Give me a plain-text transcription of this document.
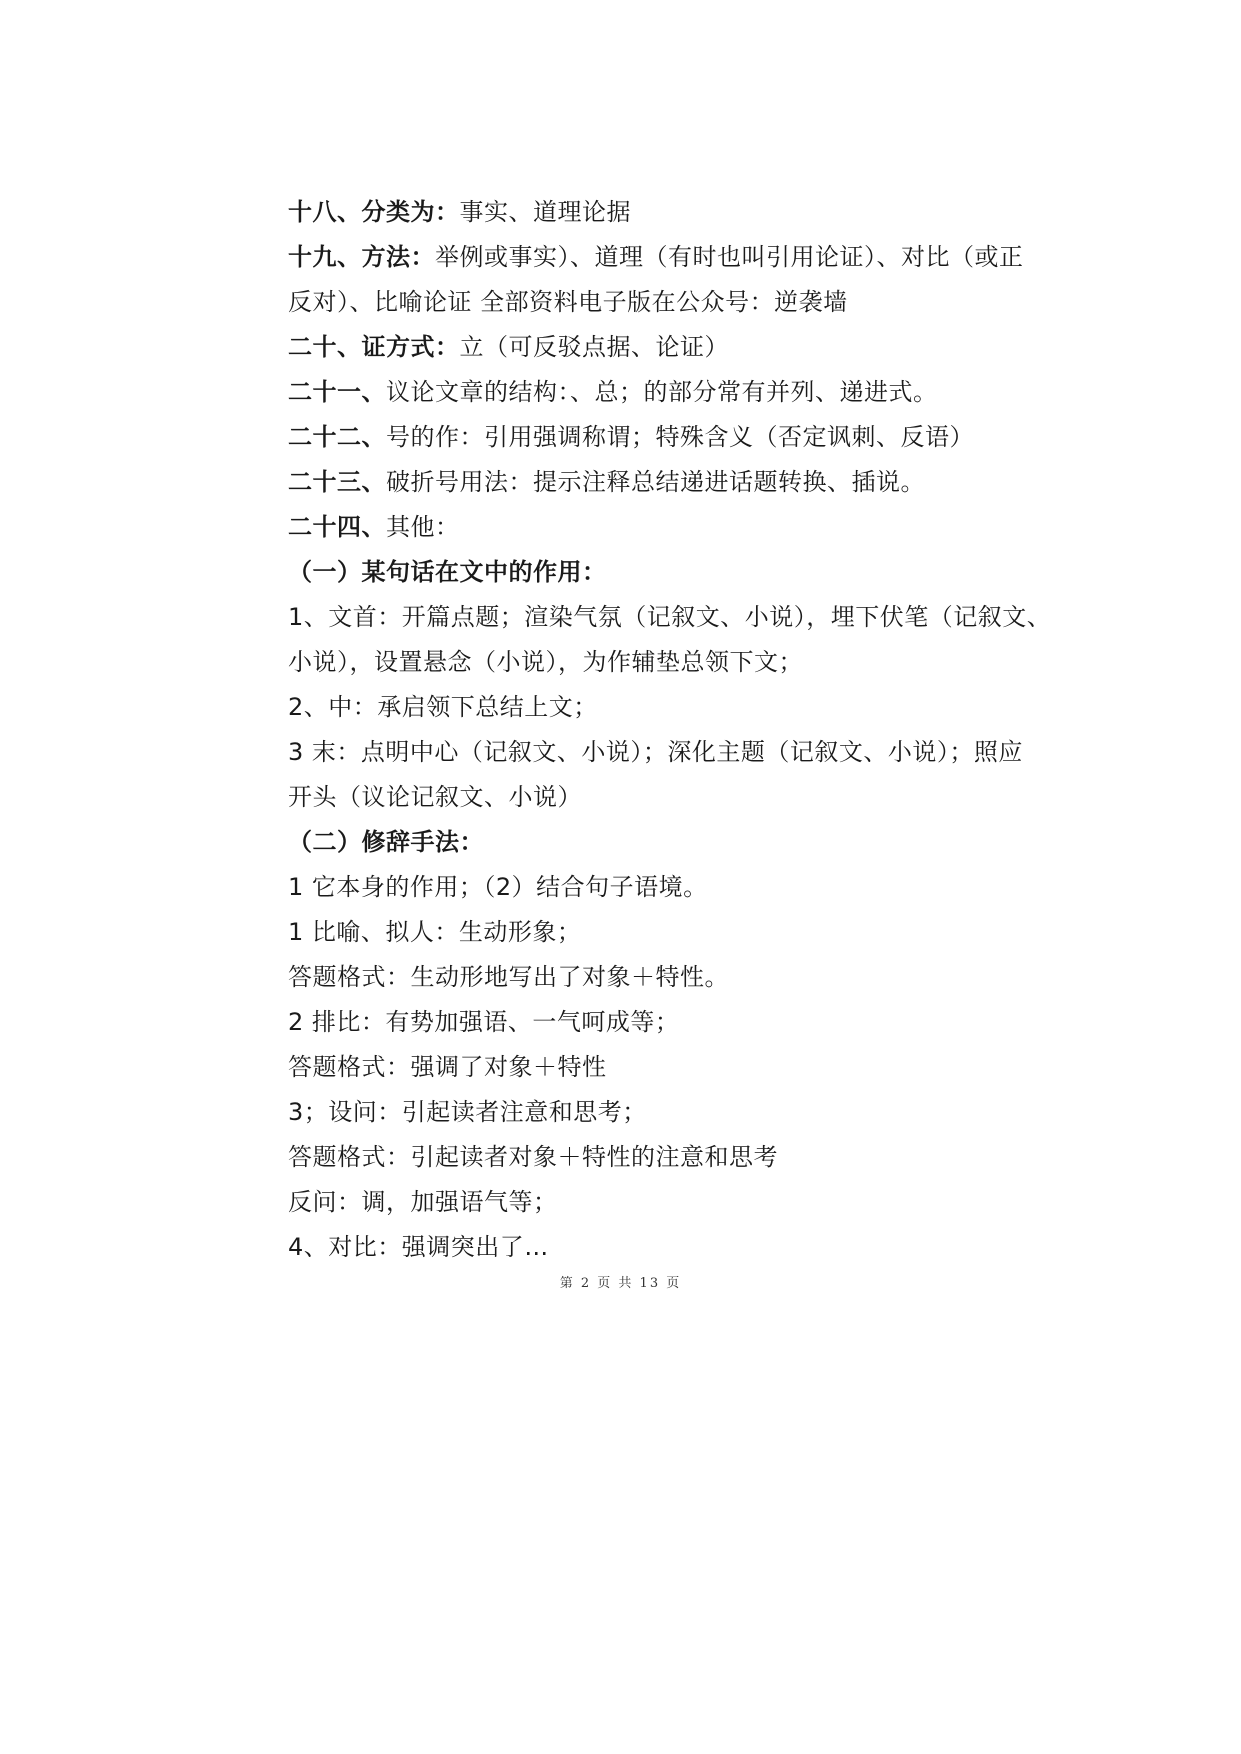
十八、分类为：事实、道理论据
十九、方法：举例或事实）、道理（有时也叫引用论证）、对比（或正
反对）、比喻论证 全部资料电子版在公众号：逆袭墙
二十、证方式：立（可反驳点据、论证）
二十一、议论文章的结构：、总；的部分常有并列、递进式。
二十二、号的作：引用强调称谓；特殊含义（否定讽刺、反语）
二十三、破折号用法：提示注释总结递进话题转换、插说。
二十四、其他：
（一）某句话在文中的作用：
1、文首：开篇点题；渲染气氛（记叙文、小说），埋下伏笔（记叙文、
小说），设置悬念（小说），为作辅垫总领下文；
2、中：承启领下总结上文；
3 末：点明中心（记叙文、小说）；深化主题（记叙文、小说）；照应
开头（议论记叙文、小说）
（二）修辞手法：
1 它本身的作用；（2）结合句子语境。
1 比喻、拟人：生动形象；
答题格式：生动形地写出了对象＋特性。
2 排比：有势加强语、一气呵成等；
答题格式：强调了对象＋特性
3；设问：引起读者注意和思考；
答题格式：引起读者对象＋特性的注意和思考
反问：调，加强语气等；
4、对比：强调突出了…
第 2 页 共 13 页
